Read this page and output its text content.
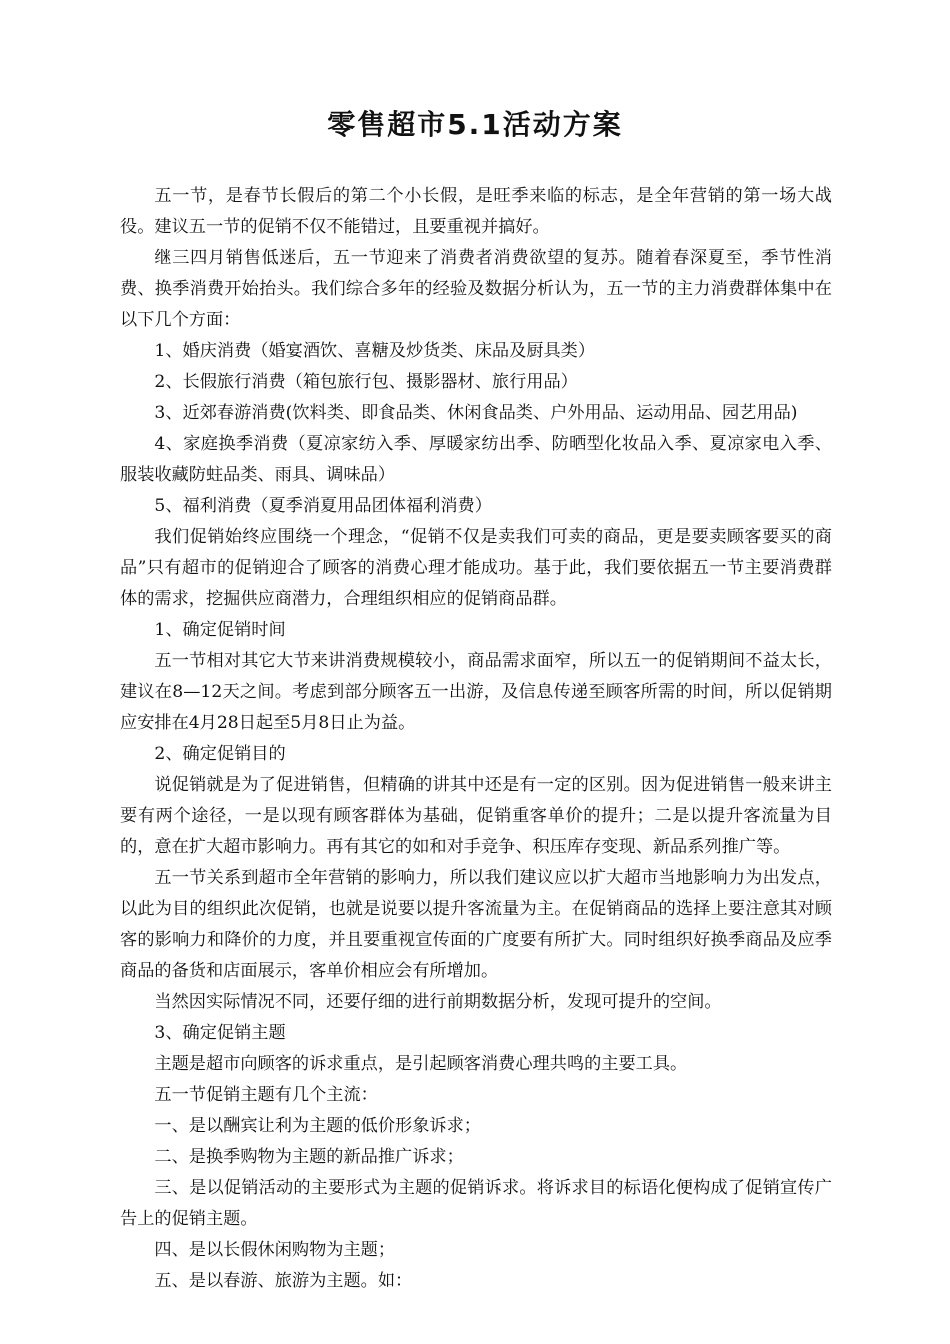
零售超市5.1活动方案

五一节，是春节长假后的第二个小长假，是旺季来临的标志，是全年营销的第一场大战役。建议五一节的促销不仅不能错过，且要重视并搞好。

继三四月销售低迷后，五一节迎来了消费者消费欲望的复苏。随着春深夏至，季节性消费、换季消费开始抬头。我们综合多年的经验及数据分析认为，五一节的主力消费群体集中在以下几个方面：

1、婚庆消费（婚宴酒饮、喜糖及炒货类、床品及厨具类）

2、长假旅行消费（箱包旅行包、摄影器材、旅行用品）

3、近郊春游消费(饮料类、即食品类、休闲食品类、户外用品、运动用品、园艺用品)

4、家庭换季消费（夏凉家纺入季、厚暖家纺出季、防晒型化妆品入季、夏凉家电入季、服装收藏防蛀品类、雨具、调味品）

5、福利消费（夏季消夏用品团体福利消费）

我们促销始终应围绕一个理念，“促销不仅是卖我们可卖的商品，更是要卖顾客要买的商品”只有超市的促销迎合了顾客的消费心理才能成功。基于此，我们要依据五一节主要消费群体的需求，挖掘供应商潜力，合理组织相应的促销商品群。

1、确定促销时间

五一节相对其它大节来讲消费规模较小，商品需求面窄，所以五一的促销期间不益太长，建议在8—12天之间。考虑到部分顾客五一出游，及信息传递至顾客所需的时间，所以促销期应安排在4月28日起至5月8日止为益。

2、确定促销目的

说促销就是为了促进销售，但精确的讲其中还是有一定的区别。因为促进销售一般来讲主要有两个途径，一是以现有顾客群体为基础，促销重客单价的提升；二是以提升客流量为目的，意在扩大超市影响力。再有其它的如和对手竞争、积压库存变现、新品系列推广等。

五一节关系到超市全年营销的影响力，所以我们建议应以扩大超市当地影响力为出发点，以此为目的组织此次促销，也就是说要以提升客流量为主。在促销商品的选择上要注意其对顾客的影响力和降价的力度，并且要重视宣传面的广度要有所扩大。同时组织好换季商品及应季商品的备货和店面展示，客单价相应会有所增加。

当然因实际情况不同，还要仔细的进行前期数据分析，发现可提升的空间。

3、确定促销主题

主题是超市向顾客的诉求重点，是引起顾客消费心理共鸣的主要工具。

五一节促销主题有几个主流：

一、是以酬宾让利为主题的低价形象诉求；

二、是换季购物为主题的新品推广诉求；

三、是以促销活动的主要形式为主题的促销诉求。将诉求目的标语化便构成了促销宣传广告上的促销主题。

四、是以长假休闲购物为主题；

五、是以春游、旅游为主题。如：
